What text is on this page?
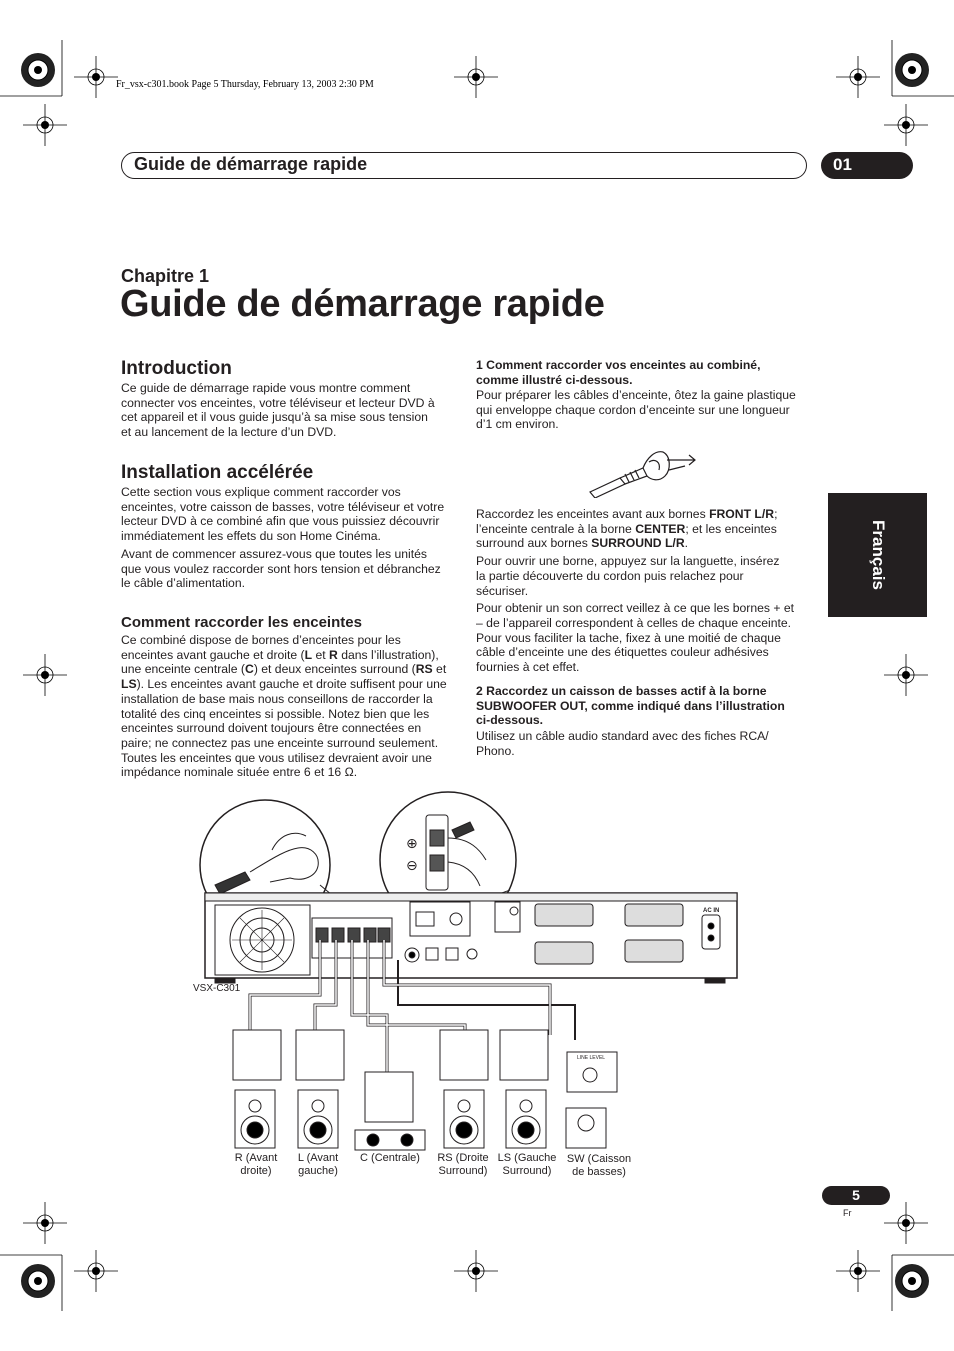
Fr_vsx-c301.book Page 5 Thursday, February 13, 2003 2:30 PM
Guide de démarrage rapide	01
Français
Chapitre 1
Guide de démarrage rapide
Introduction
Ce guide de démarrage rapide vous montre comment
connecter vos enceintes, votre téléviseur et lecteur DVD à
cet appareil et il vous guide jusqu’à sa mise sous tension
et au lancement de la lecture d’un DVD.
Installation accélérée
Cette section vous explique comment raccorder vos
enceintes, votre caisson de basses, votre téléviseur et votre
lecteur DVD à ce combiné afin que vous puissiez découvrir
immédiatement les effets du son Home Cinéma.
Avant de commencer assurez-vous que toutes les unités
que vous voulez raccorder sont hors tension et débranchez
le câble d’alimentation.
Comment raccorder les enceintes
Ce combiné dispose de bornes d’enceintes pour les
enceintes avant gauche et droite (L et R dans l’illustration),
une enceinte centrale (C) et deux enceintes surround (RS et
LS). Les enceintes avant gauche et droite suffisent pour une
installation de base mais nous conseillons de raccorder la
totalité des cinq enceintes si possible. Notez bien que les
enceintes surround doivent toujours être connectées en
paire; ne connectez pas une enceinte surround seulement.
Toutes les enceintes que vous utilisez devraient avoir une
impédance nominale située entre 6 et 16 Ω.
1 Comment raccorder vos enceintes au combiné,
comme illustré ci-dessous.
Pour préparer les câbles d’enceinte, ôtez la gaine plastique
qui enveloppe chaque cordon d’enceinte sur une longueur
d’1 cm environ.
Raccordez les enceintes avant aux bornes FRONT L/R;
l’enceinte centrale à la borne CENTER; et les enceintes
surround aux bornes SURROUND L/R.
Pour ouvrir une borne, appuyez sur la languette, insérez
la partie découverte du cordon puis relachez pour
sécuriser.
Pour obtenir un son correct veillez à ce que les bornes + et
– de l’appareil correspondent à celles de chaque enceinte.
Pour vous faciliter la tache, fixez à une moitié de chaque
câble d’enceinte une des étiquettes couleur adhésives
fournies à cet effet.
2 Raccordez un caisson de basses actif à la borne
SUBWOOFER OUT, comme indiqué dans l’illustration
ci-dessous.
Utilisez un câble audio standard avec des fiches RCA/
Phono.
⊕
⊖
VSX-C301
R (Avant
droite)
L (Avant
gauche)
C (Centrale)	RS (Droite
Surround)
LS (Gauche
Surround)
SW (Caisson
de basses)
LINE LEVEL
AC IN
5
Fr
